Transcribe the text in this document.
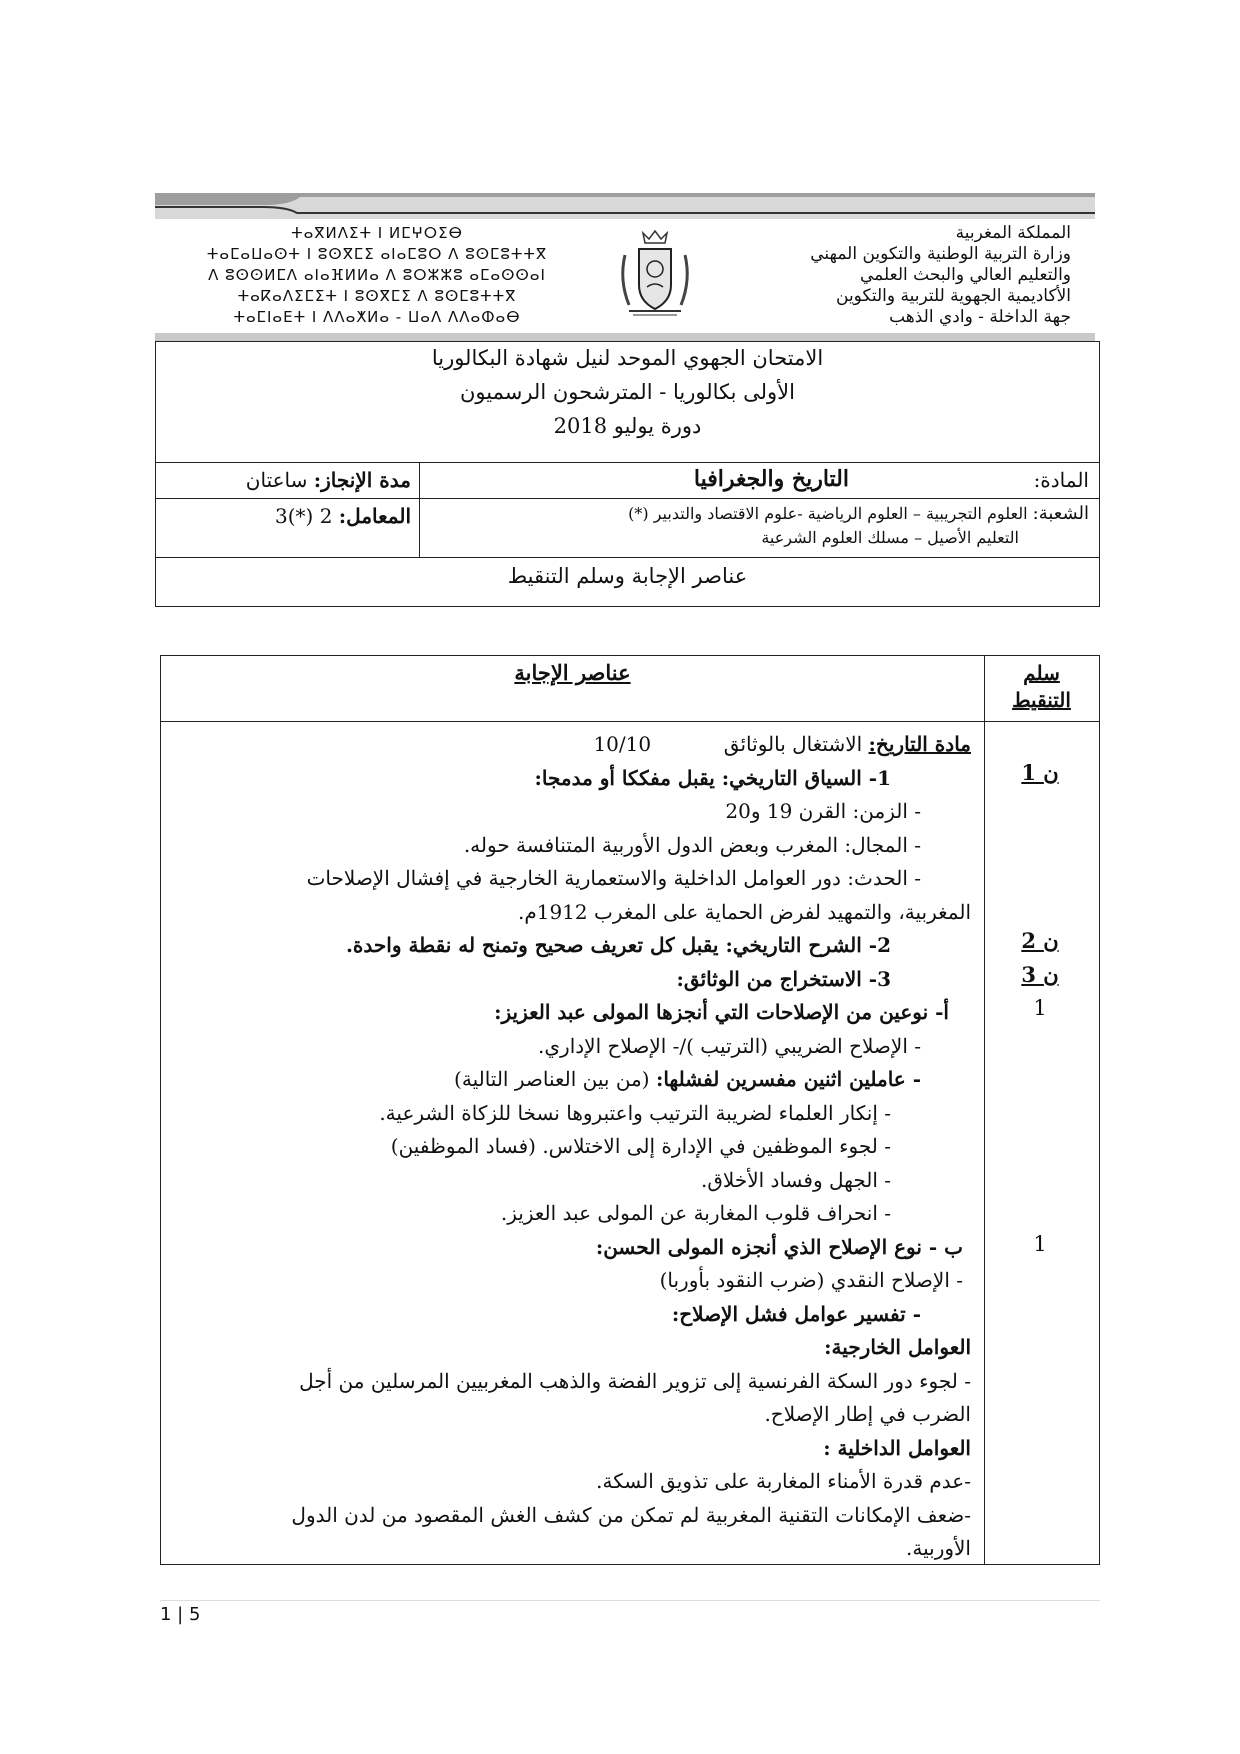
ⵜⴰⴳⵍⴷⵉⵜ ⵏ ⵍⵎⵖⵔⵉⴱ
ⵜⴰⵎⴰⵡⴰⵙⵜ ⵏ ⵓⵙⴳⵎⵉ ⴰⵏⴰⵎⵓⵔ ⴷ ⵓⵙⵎⵓⵜⵜⴳ
ⴷ ⵓⵙⵙⵍⵎⴷ ⴰⵏⴰⴼⵍⵍⴰ ⴷ ⵓⵔⵣⵣⵓ ⴰⵎⴰⵙⵙⴰⵏ
ⵜⴰⴽⴰⴷⵉⵎⵉⵜ ⵏ ⵓⵙⴳⵎⵉ ⴷ ⵓⵙⵎⵓⵜⵜⴳ
ⵜⴰⵎⵏⴰⴹⵜ ⵏ ⴷⴷⴰⵅⵍⴰ - ⵡⴰⴷ ⴷⴷⴰⵀⴰⴱ
المملكة المغربية
وزارة التربية الوطنية والتكوين المهني
والتعليم العالي والبحث العلمي
الأكاديمية الجهوية للتربية والتكوين
جهة الداخلة - وادي الذهب
الامتحان الجهوي الموحد لنيل شهادة البكالوريا
الأولى بكالوريا - المترشحون الرسميون
دورة يوليو 2018
المادة:
التاريخ والجغرافيا
مدة الإنجاز: ساعتان
الشعبة: العلوم التجريبية – العلوم الرياضية -علوم الاقتصاد والتدبير (*)
التعليم الأصيل – مسلك العلوم الشرعية
المعامل: 2 (*)3
عناصر الإجابة وسلم التنقيط
عناصر الإجابة	سلم
التنقيط

مادة التاريخ: الاشتغال بالوثائق  10/10

1- السياق التاريخي: يقبل مفككا أو مدمجا:

- الزمن: القرن 19 و20

- المجال: المغرب وبعض الدول الأوربية المتنافسة حوله.

- الحدث: دور العوامل الداخلية والاستعمارية الخارجية في إفشال الإصلاحات

المغربية، والتمهيد لفرض الحماية على المغرب 1912م.

2- الشرح التاريخي: يقبل كل تعريف صحيح وتمنح له نقطة واحدة.

3- الاستخراج من الوثائق:

أ- نوعين من الإصلاحات التي أنجزها المولى عبد العزيز:

- الإصلاح الضريبي (الترتيب )/- الإصلاح الإداري.

- عاملين اثنين مفسرين لفشلها: (من بين العناصر التالية)

- إنكار العلماء لضريبة الترتيب واعتبروها نسخا للزكاة الشرعية.

- لجوء الموظفين في الإدارة إلى الاختلاس. (فساد الموظفين)

- الجهل وفساد الأخلاق.

- انحراف قلوب المغاربة عن المولى عبد العزيز.

ب - نوع الإصلاح الذي أنجزه المولى الحسن:

- الإصلاح النقدي (ضرب النقود بأوربا)

- تفسير عوامل فشل الإصلاح:

العوامل الخارجية:

- لجوء دور السكة الفرنسية إلى تزوير الفضة والذهب المغربيين المرسلين من أجل

الضرب في إطار الإصلاح.

العوامل الداخلية :

-عدم قدرة الأمناء المغاربة على تذويق السكة.

-ضعف الإمكانات التقنية المغربية لم تمكن من كشف الغش المقصود من لدن الدول

الأوربية.

1 ن
2 ن
3 ن
1
1
1 | 5
